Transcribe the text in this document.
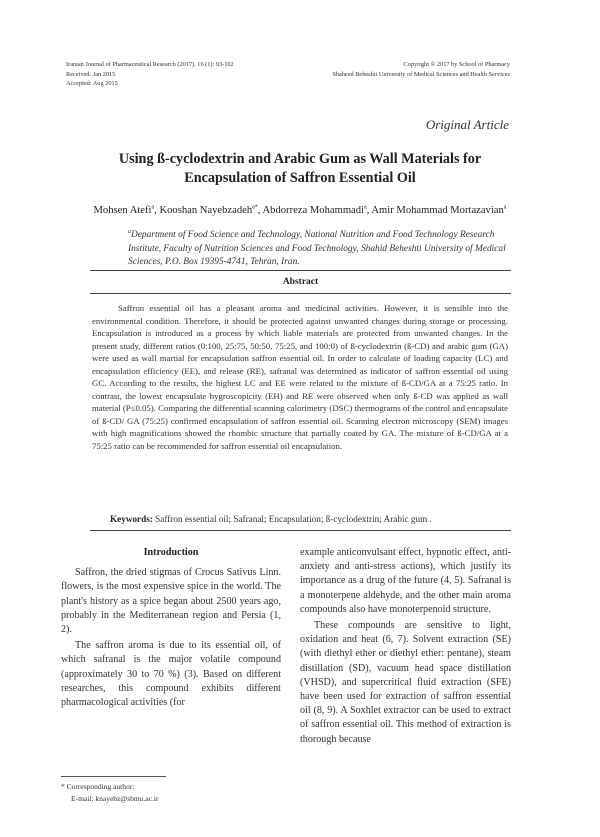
Iranian Journal of Pharmaceutical Research (2017), 16 (1): 93-102
Received: Jan 2015
Accepted: Aug 2015
Copyright © 2017 by School of Pharmacy
Shaheed Beheshti University of Medical Sciences and Health Services
Original Article
Using ß-cyclodextrin and Arabic Gum as Wall Materials for
Encapsulation of Saffron Essential Oil
Mohsen Atefi$^a$, Kooshan Nayebzadeh$^{a*}$, Abdorreza Mohammadi$^a$, Amir Mohammad Mortazavian$^a$
$^a$Department of Food Science and Technology, National Nutrition and Food Technology Research Institute, Faculty of Nutrition Sciences and Food Technology, Shahid Beheshti University of Medical Sciences, P.O. Box 19395-4741, Tehran, Iran.
Abstract
Saffron essential oil has a pleasant aroma and medicinal activities. However, it is sensible into the environmental condition. Therefore, it should be protected against unwanted changes during storage or processing. Encapsulation is introduced as a process by which liable materials are protected from unwanted changes. In the present study, different ratios (0:100, 25:75, 50:50, 75:25, and 100:0) of ß-cyclodextrin (ß-CD) and arabic gum (GA) were used as wall martial for encapsulation saffron essential oil. In order to calculate of loading capacity (LC) and encapsulation efficiency (EE), and release (RE), safranal was determined as indicator of saffron essential oil using GC. According to the results, the highest LC and EE were related to the mixture of ß-CD/GA at a 75:25 ratio. In contrast, the lowest encapsulate hygroscopicity (EH) and RE were observed when only ß-CD was applied as wall material (P≤0.05). Comparing the differential scanning calorimetry (DSC) thermograms of the control and encapsulate of ß-CD/ GA (75:25) confirmed encapsulation of saffron essential oil. Scanning electron microscopy (SEM) images with high magnifications showed the rhombic structure that partially coated by GA. The mixture of ß-CD/GA at a 75:25 ratio can be recommended for saffron essential oil encapsulation.
Keywords: Saffron essential oil; Safranal; Encapsulation; ß-cyclodextrin; Arabic gum .
Introduction

Saffron, the dried stigmas of Crocus Sativus Linn. flowers, is the most expensive spice in the world. The plant's history as a spice began about 2500 years ago, probably in the Mediterranean region and Persia (1, 2).

The saffron aroma is due to its essential oil, of which safranal is the major volatile compound (approximately 30 to 70 %) (3). Based on different researches, this compound exhibits different pharmacological activities (for

example anticonvulsant effect, hypnotic effect, anti-anxiety and anti-stress actions), which justify its importance as a drug of the future (4, 5). Safranal is a monoterpene aldehyde, and the other main aroma compounds also have monoterpenoid structure.

These compounds are sensitive to light, oxidation and heat (6, 7). Solvent extraction (SE) (with diethyl ether or diethyl ether: pentane), steam distillation (SD), vacuum head space distillation (VHSD), and supercritical fluid extraction (SFE) have been used for extraction of saffron essential oil (8, 9). A Soxhlet extractor can be used to extract of saffron essential oil. This method of extraction is thorough because

* Corresponding author:
E-mail: knayebz@sbmu.ac.ir
